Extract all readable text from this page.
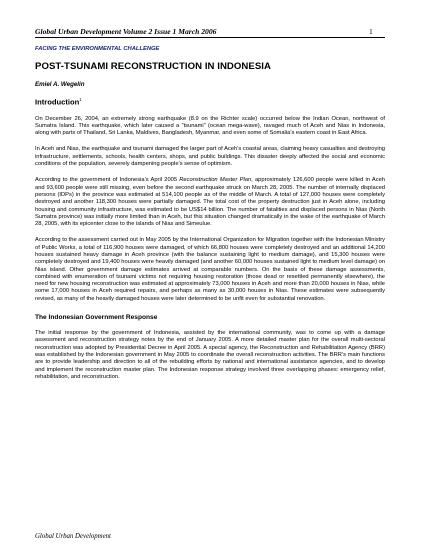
Global Urban Development Volume 2 Issue 1 March 2006	1
FACING THE ENVIRONMENTAL CHALLENGE
POST-TSUNAMI RECONSTRUCTION IN INDONESIA
Emiel A. Wegelin
Introduction$^1$

On December 26, 2004, an extremely strong earthquake (8.9 on the Richter scale) occurred below the Indian Ocean, northwest of Sumatra Island. This earthquake, which later caused a “tsunami” (ocean mega-wave), ravaged much of Aceh and Nias in Indonesia, along with parts of Thailand, Sri Lanka, Maldives, Bangladesh, Myanmar, and even some of Somalia’s eastern coast in East Africa.

In Aceh and Nias, the earthquake and tsunami damaged the larger part of Aceh’s coastal areas, claiming heavy casualties and destroying infrastructure, settlements, schools, health centers, shops, and public buildings. This disaster deeply affected the social and economic conditions of the population, severely dampening people’s sense of optimism.

According to the government of Indonesia’s April 2005 Reconstruction Master Plan, approximately 126,600 people were killed in Aceh and 93,600 people were still missing, even before the second earthquake struck on March 28, 2005. The number of internally displaced persons (IDPs) in the province was estimated at 514,100 people as of the middle of March. A total of 127,000 houses were completely destroyed and another 118,300 houses were partially damaged. The total cost of the property destruction just in Aceh alone, including housing and community infrastructure, was estimated to be US$14 billion. The number of fatalities and displaced persons in Nias (North Sumatra province) was initially more limited than in Aceh, but this situation changed dramatically in the wake of the earthquake of March 28, 2005, with its epicenter close to the islands of Nias and Simeulue.

According to the assessment carried out in May 2005 by the International Organization for Migration together with the Indonesian Ministry of Public Works, a total of 116,900 houses were damaged, of which 66,800 houses were completely destroyed and an additional 14,200 houses sustained heavy damage in Aceh province (with the balance sustaining light to medium damage), and 15,300 houses were completely destroyed and 19,400 houses were heavily damaged (and another 60,000 houses sustained light to medium level damage) on Nias island. Other government damage estimates arrived at comparable numbers. On the basis of these damage assessments, combined with enumeration of tsunami victims not requiring housing restoration (those dead or resettled permanently elsewhere), the need for new housing reconstruction was estimated at approximately 73,000 houses in Aceh and more than 20,000 houses in Nias, while some 17,000 houses in Aceh required repairs, and perhaps as many as 30,000 houses in Nias. These estimates were subsequently revised, as many of the heavily damaged houses were later determined to be unfit even for substantial renovation.

The Indonesian Government Response

The initial response by the government of Indonesia, assisted by the international community, was to come up with a damage assessment and reconstruction strategy notes by the end of January 2005. A more detailed master plan for the overall multi-sectoral reconstruction was adopted by Presidential Decree in April 2005. A special agency, the Reconstruction and Rehabilitation Agency (BRR) was established by the Indonesian government in May 2005 to coordinate the overall reconstruction activities. The BRR’s main functions are to provide leadership and direction to all of the rebuilding efforts by national and international assistance agencies, and to develop and implement the reconstruction master plan. The Indonesian response strategy involved three overlapping phases: emergency relief, rehabilitation, and reconstruction.

Global Urban Development
